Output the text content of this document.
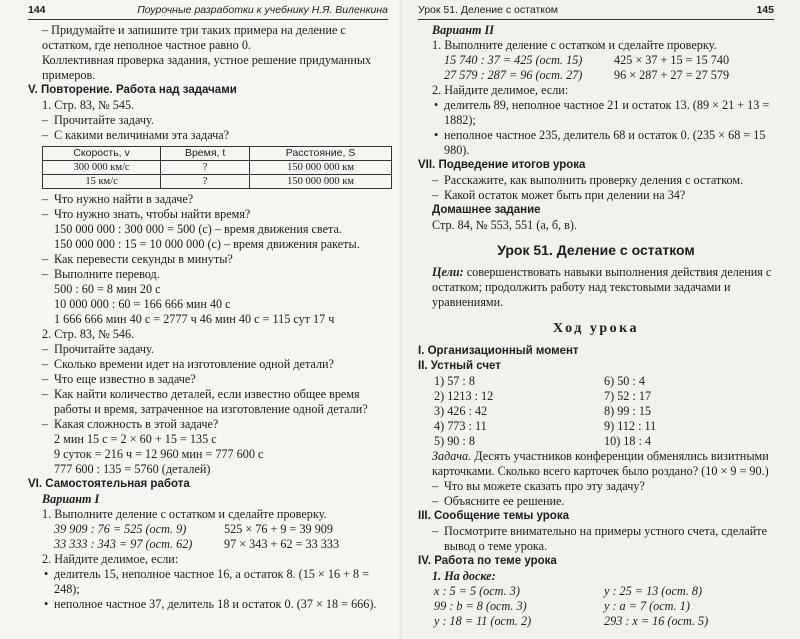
144	Поурочные разработки к учебнику Н.Я. Виленкина

– Придумайте и запишите три таких примера на деление с остатком, где неполное частное равно 0.

Коллективная проверка задания, устное решение придуманных примеров.

V. Повторение. Работа над задачами

1. Стр. 83, № 545.

– Прочитайте задачу.

– С какими величинами эта задача?

Скорость, v	Время, t	Расстояние, S
300 000 км/с	?	150 000 000 км
15 км/с	?	150 000 000 км

– Что нужно найти в задаче?

– Что нужно знать, чтобы найти время?

150 000 000 : 300 000 = 500 (с) – время движения света.

150 000 000 : 15 = 10 000 000 (с) – время движения ракеты.

– Как перевести секунды в минуты?

– Выполните перевод.

500 : 60 = 8 мин 20 с

10 000 000 : 60 = 166 666 мин 40 с

1 666 666 мин 40 с = 2777 ч 46 мин 40 с = 115 сут 17 ч

2. Стр. 83, № 546.

– Прочитайте задачу.

– Сколько времени идет на изготовление одной детали?

– Что еще известно в задаче?

– Как найти количество деталей, если известно общее время работы и время, затраченное на изготовление одной детали?

– Какая сложность в этой задаче?

2 мин 15 с = 2 × 60 + 15 = 135 с

9 суток = 216 ч = 12 960 мин = 777 600 с

777 600 : 135 = 5760 (деталей)

VI. Самостоятельная работа

Вариант I

1. Выполните деление с остатком и сделайте проверку.

39 909 : 76 = 525 (ост. 9)	525 × 76 + 9 = 39 909
33 333 : 343 = 97 (ост. 62)	97 × 343 + 62 = 33 333

2. Найдите делимое, если:

• делитель 15, неполное частное 16, а остаток 8. (15 × 16 + 8 = 248);

• неполное частное 37, делитель 18 и остаток 0. (37 × 18 = 666).

Урок 51. Деление с остатком	145

Вариант II

1. Выполните деление с остатком и сделайте проверку.

15 740 : 37 = 425 (ост. 15)	425 × 37 + 15 = 15 740
27 579 : 287 = 96 (ост. 27)	96 × 287 + 27 = 27 579

2. Найдите делимое, если:

• делитель 89, неполное частное 21 и остаток 13. (89 × 21 + 13 = 1882);

• неполное частное 235, делитель 68 и остаток 0. (235 × 68 = 15 980).

VII. Подведение итогов урока

– Расскажите, как выполнить проверку деления с остатком.

– Какой остаток может быть при делении на 34?

Домашнее задание

Стр. 84, № 553, 551 (а, б, в).

Урок 51. Деление с остатком

Цели: совершенствовать навыки выполнения действия деления с остатком; продолжить работу над текстовыми задачами и уравнениями.

Ход урока

I. Организационный момент

II. Устный счет

1) 57 : 8	6) 50 : 4
2) 1213 : 12	7) 52 : 17
3) 426 : 42	8) 99 : 15
4) 773 : 11	9) 112 : 11
5) 90 : 8	10) 18 : 4

Задача. Десять участников конференции обменялись визитными карточками. Сколько всего карточек было роздано? (10 × 9 = 90.)

– Что вы можете сказать про эту задачу?

– Объясните ее решение.

III. Сообщение темы урока

– Посмотрите внимательно на примеры устного счета, сделайте вывод о теме урока.

IV. Работа по теме урока

1. На доске:

x : 5 = 5 (ост. 3)	y : 25 = 13 (ост. 8)
99 : b = 8 (ост. 3)	y : a = 7 (ост. 1)
y : 18 = 11 (ост. 2)	293 : x = 16 (ост. 5)
